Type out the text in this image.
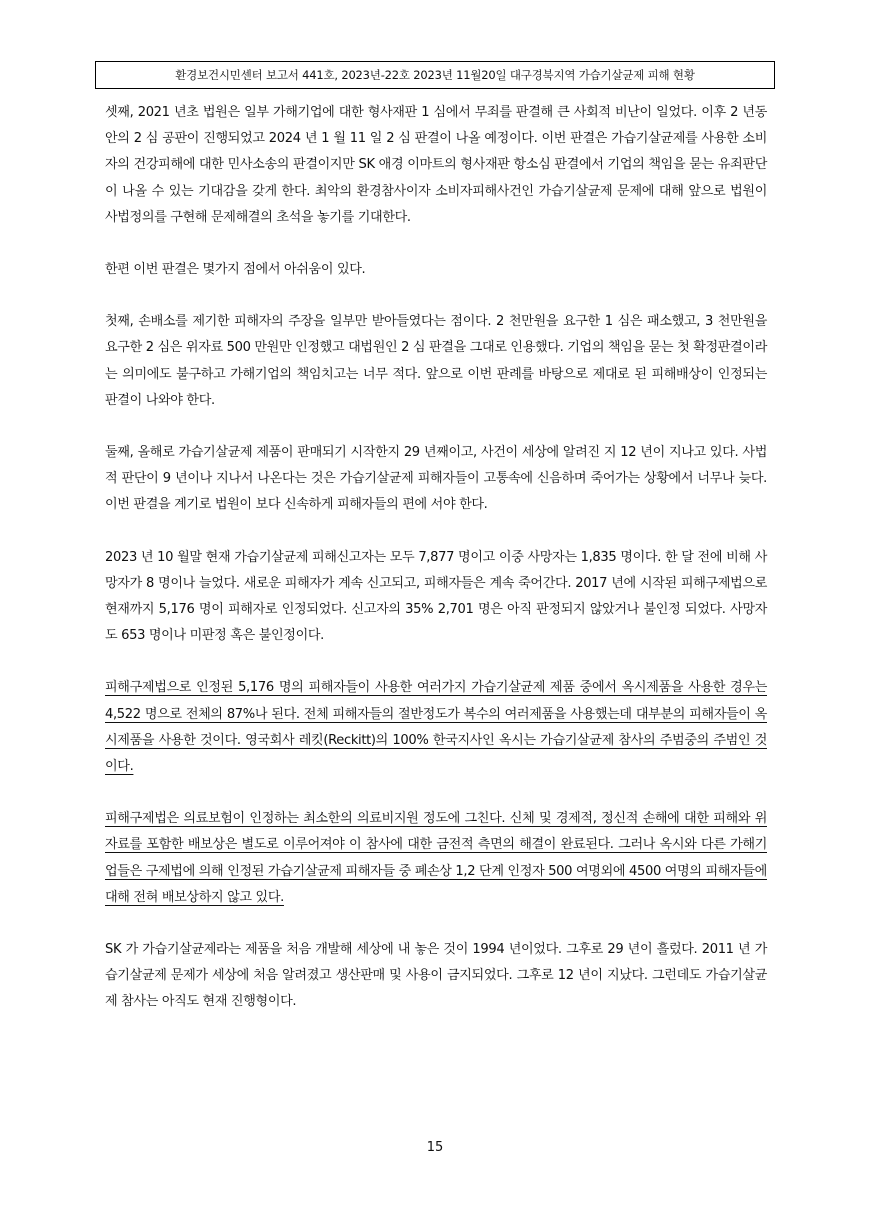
환경보건시민센터 보고서 441호, 2023년-22호 2023년 11월20일 대구경북지역 가습기살균제 피해 현황

셋째, 2021 년초 법원은 일부 가해기업에 대한 형사재판 1 심에서 무죄를 판결해 큰 사회적 비난이 일었다. 이후 2 년동안의 2 심 공판이 진행되었고 2024 년 1 월 11 일 2 심 판결이 나올 예정이다. 이번 판결은 가습기살균제를 사용한 소비자의 건강피해에 대한 민사소송의 판결이지만 SK 애경 이마트의 형사재판 항소심 판결에서 기업의 책임을 묻는 유죄판단이 나올 수 있는 기대감을 갖게 한다. 최악의 환경참사이자 소비자피해사건인 가습기살균제 문제에 대해 앞으로 법원이 사법정의를 구현해 문제해결의 초석을 놓기를 기대한다.

한편 이번 판결은 몇가지 점에서 아쉬움이 있다.

첫째, 손배소를 제기한 피해자의 주장을 일부만 받아들였다는 점이다. 2 천만원을 요구한 1 심은 패소했고, 3 천만원을 요구한 2 심은 위자료 500 만원만 인정했고 대법원인 2 심 판결을 그대로 인용했다. 기업의 책임을 묻는 첫 확정판결이라는 의미에도 불구하고 가해기업의 책임치고는 너무 적다. 앞으로 이번 판례를 바탕으로 제대로 된 피해배상이 인정되는 판결이 나와야 한다.

둘째, 올해로 가습기살균제 제품이 판매되기 시작한지 29 년째이고, 사건이 세상에 알려진 지 12 년이 지나고 있다. 사법적 판단이 9 년이나 지나서 나온다는 것은 가습기살균제 피해자들이 고통속에 신음하며 죽어가는 상황에서 너무나 늦다. 이번 판결을 계기로 법원이 보다 신속하게 피해자들의 편에 서야 한다.

2023 년 10 월말 현재 가습기살균제 피해신고자는 모두 7,877 명이고 이중 사망자는 1,835 명이다. 한 달 전에 비해 사망자가 8 명이나 늘었다. 새로운 피해자가 계속 신고되고, 피해자들은 계속 죽어간다. 2017 년에 시작된 피해구제법으로 현재까지 5,176 명이 피해자로 인정되었다. 신고자의 35% 2,701 명은 아직 판정되지 않았거나 불인정 되었다. 사망자도 653 명이나 미판정 혹은 불인정이다.

피해구제법으로 인정된 5,176 명의 피해자들이 사용한 여러가지 가습기살균제 제품 중에서 옥시제품을 사용한 경우는 4,522 명으로 전체의 87%나 된다. 전체 피해자들의 절반정도가 복수의 여러제품을 사용했는데 대부분의 피해자들이 옥시제품을 사용한 것이다. 영국회사 레킷(Reckitt)의 100% 한국지사인 옥시는 가습기살균제 참사의 주범중의 주범인 것이다.

피해구제법은 의료보험이 인정하는 최소한의 의료비지원 정도에 그친다. 신체 및 경제적, 정신적 손해에 대한 피해와 위자료를 포함한 배보상은 별도로 이루어져야 이 참사에 대한 금전적 측면의 해결이 완료된다. 그러나 옥시와 다른 가해기업들은 구제법에 의해 인정된 가습기살균제 피해자들 중 폐손상 1,2 단계 인정자 500 여명외에 4500 여명의 피해자들에 대해 전혀 배보상하지 않고 있다.

SK 가 가습기살균제라는 제품을 처음 개발해 세상에 내 놓은 것이 1994 년이었다. 그후로 29 년이 흘렀다. 2011 년 가습기살균제 문제가 세상에 처음 알려졌고 생산판매 및 사용이 금지되었다. 그후로 12 년이 지났다. 그런데도 가습기살균제 참사는 아직도 현재 진행형이다.

15
